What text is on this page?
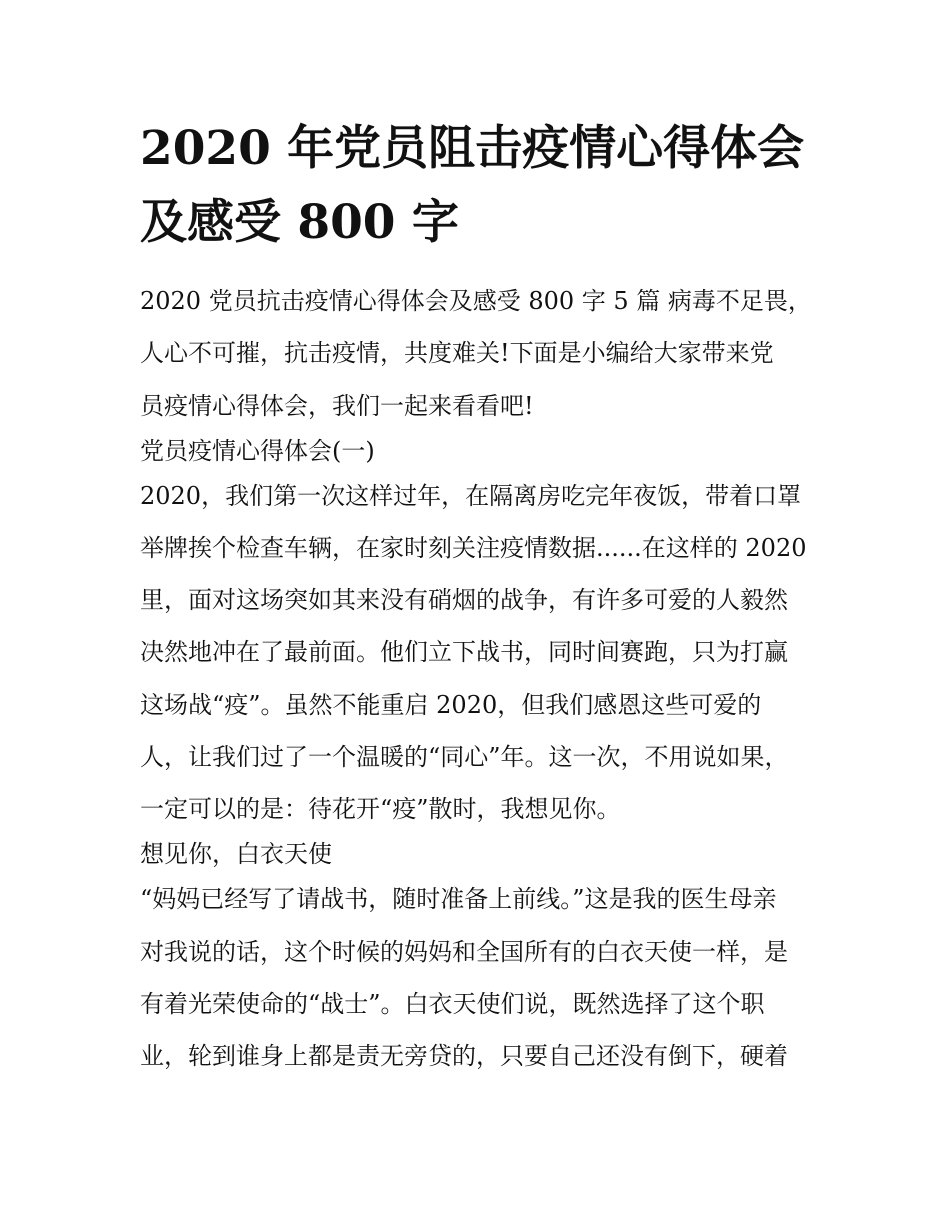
2020 年党员阻击疫情心得体会
及感受 800 字
2020 党员抗击疫情心得体会及感受 800 字 5 篇 病毒不足畏，
人心不可摧，抗击疫情，共度难关!下面是小编给大家带来党
员疫情心得体会，我们一起来看看吧!
党员疫情心得体会(一)
2020，我们第一次这样过年，在隔离房吃完年夜饭，带着口罩
举牌挨个检查车辆，在家时刻关注疫情数据......在这样的 2020
里，面对这场突如其来没有硝烟的战争，有许多可爱的人毅然
决然地冲在了最前面。他们立下战书，同时间赛跑，只为打赢
这场战“疫”。虽然不能重启 2020，但我们感恩这些可爱的
人，让我们过了一个温暖的“同心”年。这一次，不用说如果，
一定可以的是：待花开“疫”散时，我想见你。
想见你，白衣天使
“妈妈已经写了请战书，随时准备上前线。”这是我的医生母亲
对我说的话，这个时候的妈妈和全国所有的白衣天使一样，是
有着光荣使命的“战士”。白衣天使们说，既然选择了这个职
业，轮到谁身上都是责无旁贷的，只要自己还没有倒下，硬着
